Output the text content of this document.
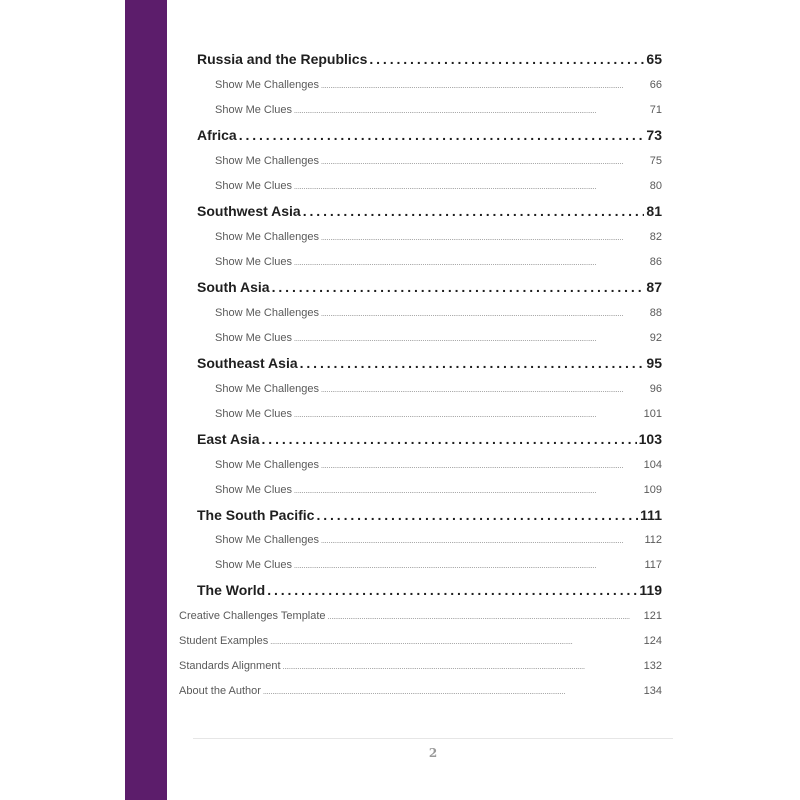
Russia and the Republics . . .	65
Show Me Challenges . . .	66
Show Me Clues . . .	71
Africa . . .	73
Show Me Challenges . . .	75
Show Me Clues . . .	80
Southwest Asia . . .	81
Show Me Challenges . . .	82
Show Me Clues . . .	86
South Asia . . .	87
Show Me Challenges . . .	88
Show Me Clues . . .	92
Southeast Asia . . .	95
Show Me Challenges . . .	96
Show Me Clues . . .	101
East Asia . . .	103
Show Me Challenges . . .	104
Show Me Clues . . .	109
The South Pacific . . .	111
Show Me Challenges . . .	112
Show Me Clues . . .	117
The World . . .	119
Creative Challenges Template . . .	121
Student Examples . . .	124
Standards Alignment . . .	132
About the Author . . .	134
2
